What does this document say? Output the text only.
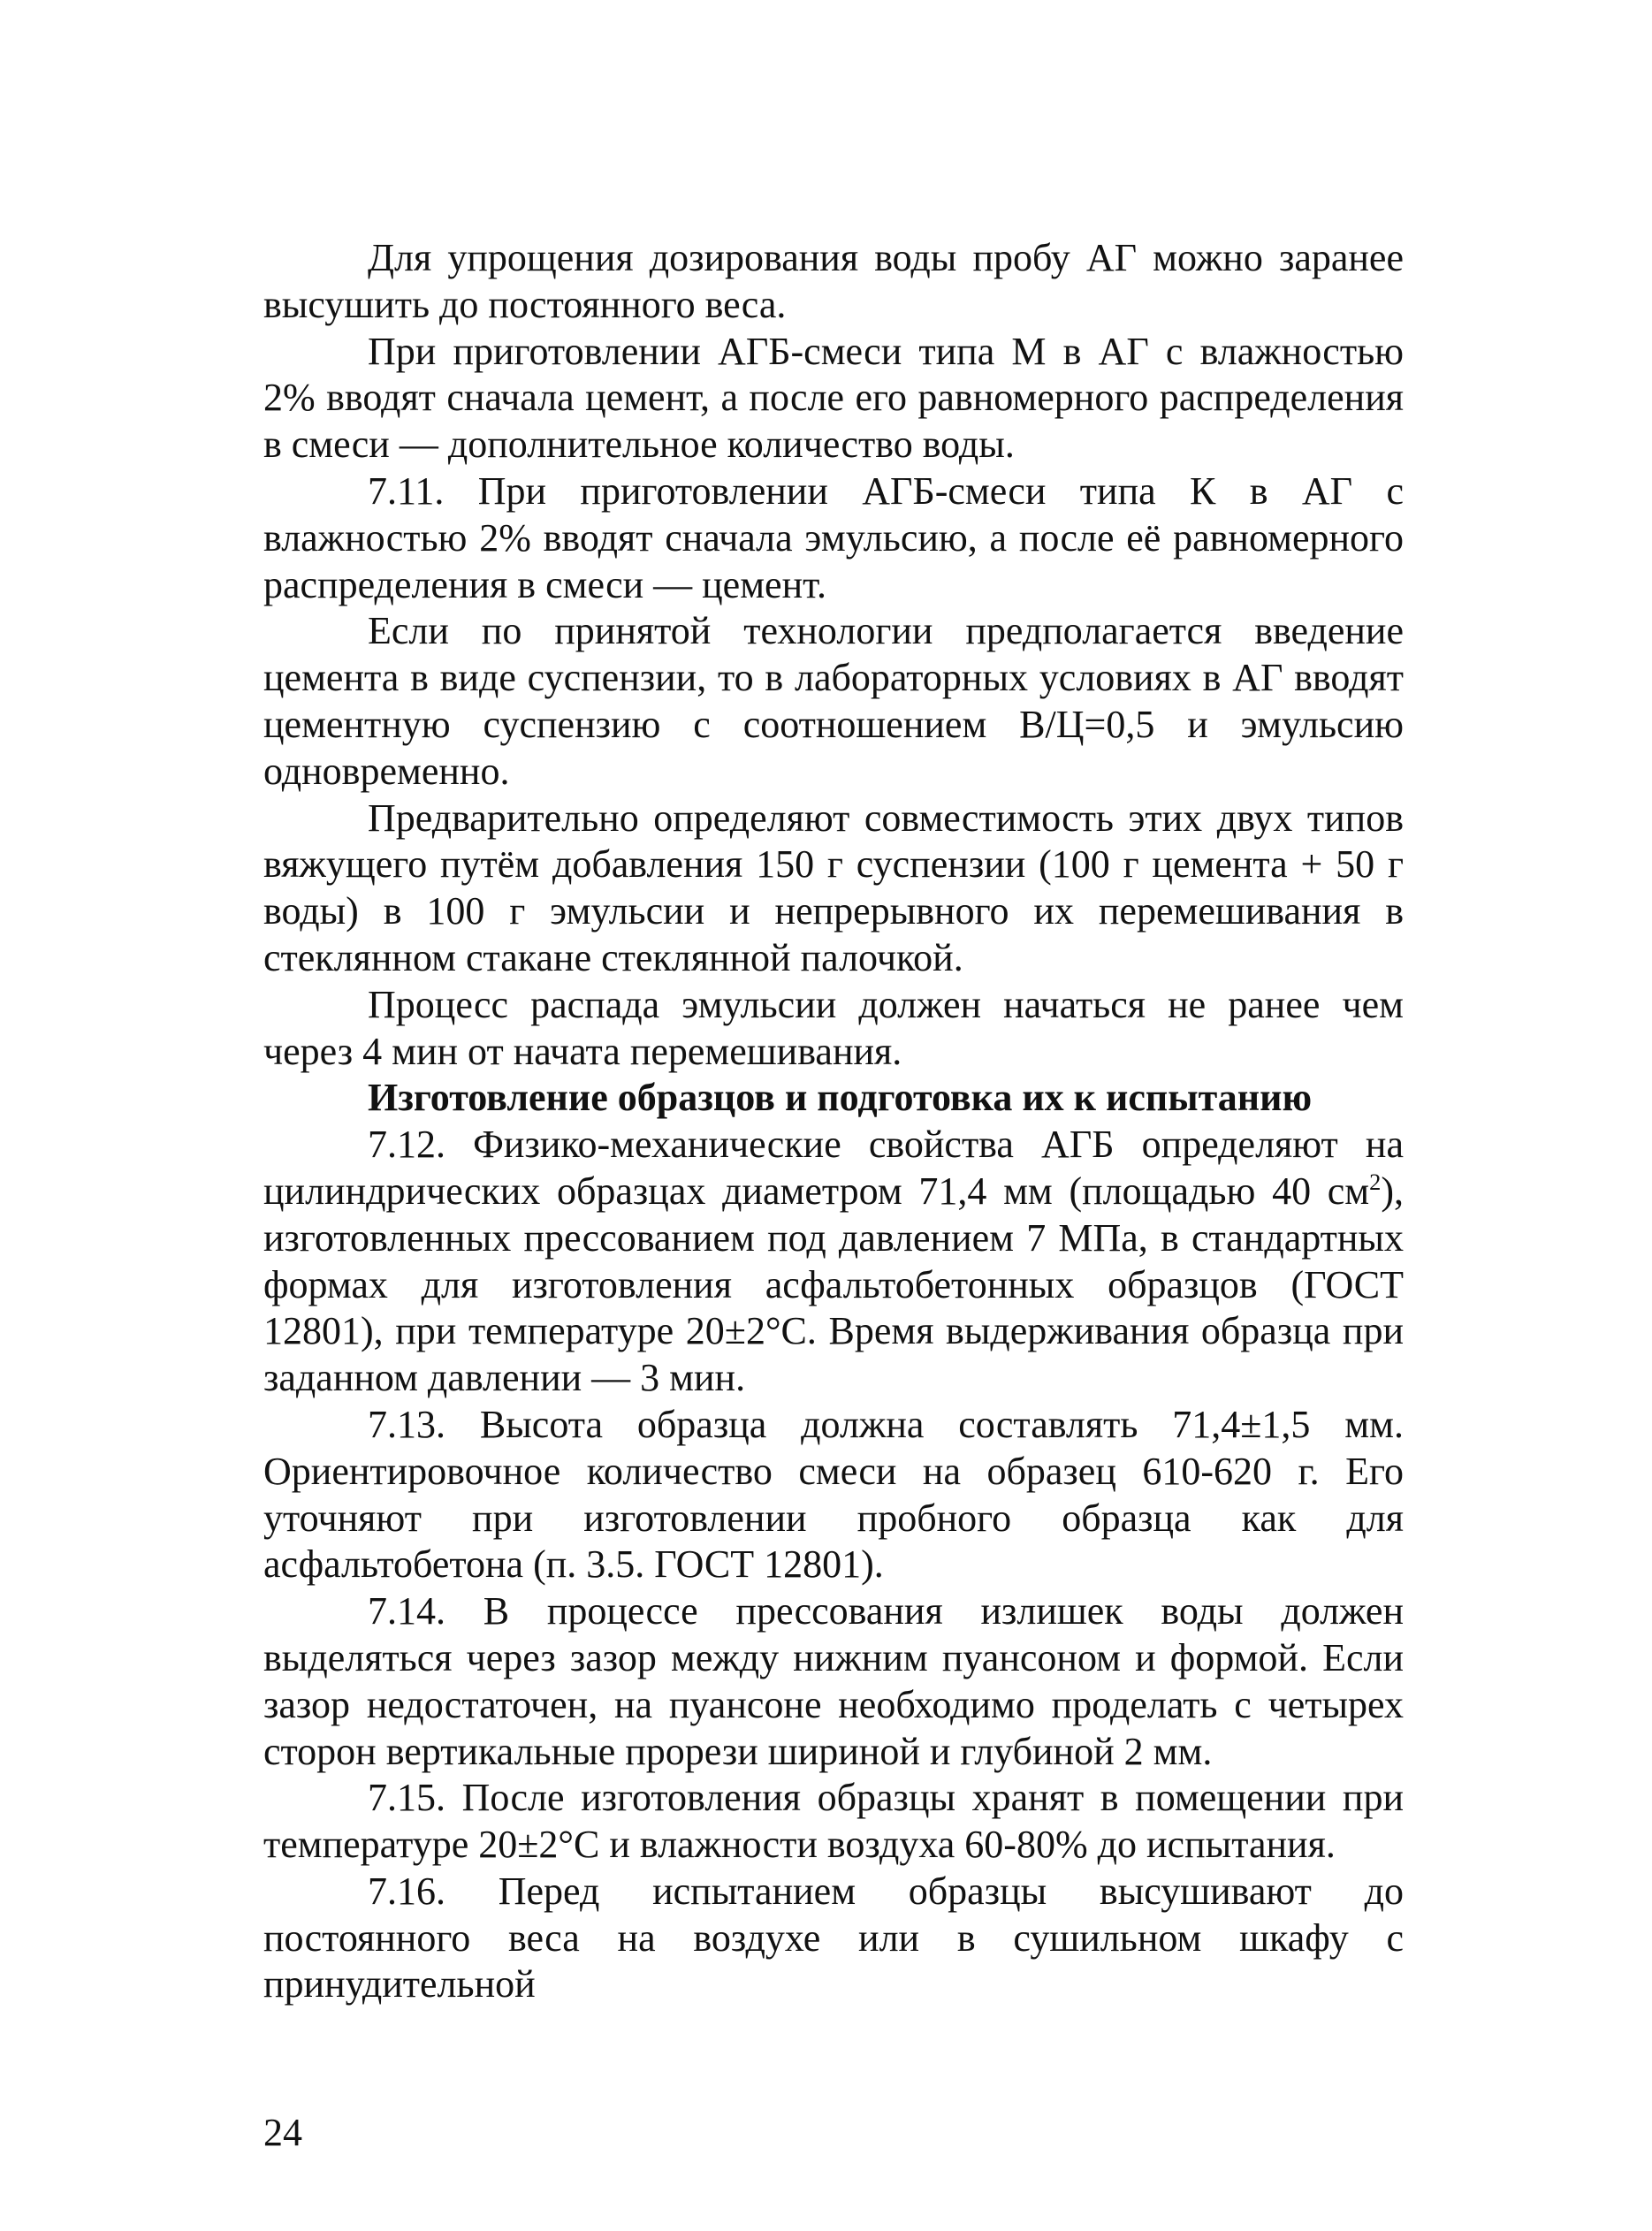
Для упрощения дозирования воды пробу АГ можно заранее высушить до постоянного веса.

При приготовлении АГБ-смеси типа М в АГ с влажностью 2% вводят сначала цемент, а после его равномерного распределения в смеси — дополнительное количество воды.

7.11. При приготовлении АГБ-смеси типа К в АГ с влажностью 2% вводят сначала эмульсию, а после её равномерного распределения в смеси — цемент.

Если по принятой технологии предполагается введение цемента в виде суспензии, то в лабораторных условиях в АГ вводят цементную суспензию с соотношением В/Ц=0,5 и эмульсию одновременно.

Предварительно определяют совместимость этих двух типов вяжущего путём добавления 150 г суспензии (100 г цемента + 50 г воды) в 100 г эмульсии и непрерывного их перемешивания в стеклянном стакане стеклянной палочкой.

Процесс распада эмульсии должен начаться не ранее чем через 4 мин от начата перемешивания.

Изготовление образцов и подготовка их к испытанию

7.12. Физико-механические свойства АГБ определяют на цилиндрических образцах диаметром 71,4 мм (площадью 40 $см^2$), изготовленных прессованием под давлением 7 МПа, в стандартных формах для изготовления асфальтобетонных образцов (ГОСТ 12801), при температуре 20±2°С. Время выдерживания образца при заданном давлении — 3 мин.

7.13. Высота образца должна составлять 71,4±1,5 мм. Ориентировочное количество смеси на образец 610-620 г. Его уточняют при изготовлении пробного образца как для асфальтобетона (п. 3.5. ГОСТ 12801).

7.14. В процессе прессования излишек воды должен выделяться через зазор между нижним пуансоном и формой. Если зазор недостаточен, на пуансоне необходимо проделать с четырех сторон вертикальные прорези шириной и глубиной 2 мм.

7.15. После изготовления образцы хранят в помещении при температуре 20±2°С и влажности воздуха 60-80% до испытания.

7.16. Перед испытанием образцы высушивают до постоянного веса на воздухе или в сушильном шкафу с принудительной

24
